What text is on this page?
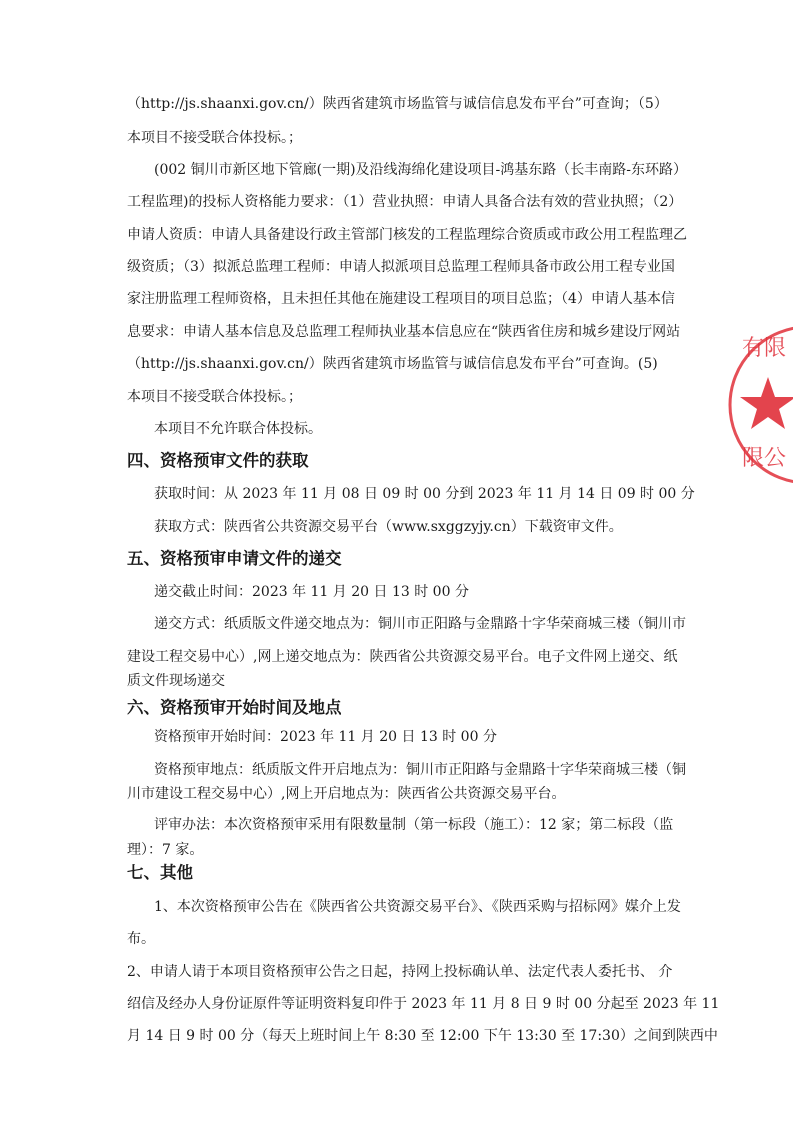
（http://js.shaanxi.gov.cn/）陕西省建筑市场监管与诚信信息发布平台”可查询；（5）
本项目不接受联合体投标。；
(002 铜川市新区地下管廊(一期)及沿线海绵化建设项目-鸿基东路（长丰南路-东环路）
工程监理)的投标人资格能力要求：（1）营业执照：申请人具备合法有效的营业执照；（2）
申请人资质：申请人具备建设行政主管部门核发的工程监理综合资质或市政公用工程监理乙
级资质；（3）拟派总监理工程师：申请人拟派项目总监理工程师具备市政公用工程专业国
家注册监理工程师资格，且未担任其他在施建设工程项目的项目总监；（4）申请人基本信
息要求：申请人基本信息及总监理工程师执业基本信息应在“陕西省住房和城乡建设厅网站
（http://js.shaanxi.gov.cn/）陕西省建筑市场监管与诚信信息发布平台”可查询。(5)
本项目不接受联合体投标。；
本项目不允许联合体投标。
四、资格预审文件的获取
获取时间：从 2023 年 11 月 08 日 09 时 00 分到 2023 年 11 月 14 日 09 时 00 分
获取方式：陕西省公共资源交易平台（www.sxggzyjy.cn）下载资审文件。
五、资格预审申请文件的递交
递交截止时间：2023 年 11 月 20 日 13 时 00 分
递交方式：纸质版文件递交地点为：铜川市正阳路与金鼎路十字华荣商城三楼（铜川市
建设工程交易中心）,网上递交地点为：陕西省公共资源交易平台。电子文件网上递交、纸
质文件现场递交
六、资格预审开始时间及地点
资格预审开始时间：2023 年 11 月 20 日 13 时 00 分
资格预审地点：纸质版文件开启地点为：铜川市正阳路与金鼎路十字华荣商城三楼（铜
川市建设工程交易中心）,网上开启地点为：陕西省公共资源交易平台。
评审办法：本次资格预审采用有限数量制（第一标段（施工）：12 家；第二标段（监
理）：7 家。
七、其他
1、本次资格预审公告在《陕西省公共资源交易平台》、《陕西采购与招标网》媒介上发
布。
2、申请人请于本项目资格预审公告之日起，持网上投标确认单、法定代表人委托书、 介
绍信及经办人身份证原件等证明资料复印件于 2023 年 11 月 8 日 9 时 00 分起至 2023 年 11
月 14 日 9 时 00 分（每天上班时间上午 8:30 至 12:00 下午 13:30 至 17:30）之间到陕西中
有限
限公
